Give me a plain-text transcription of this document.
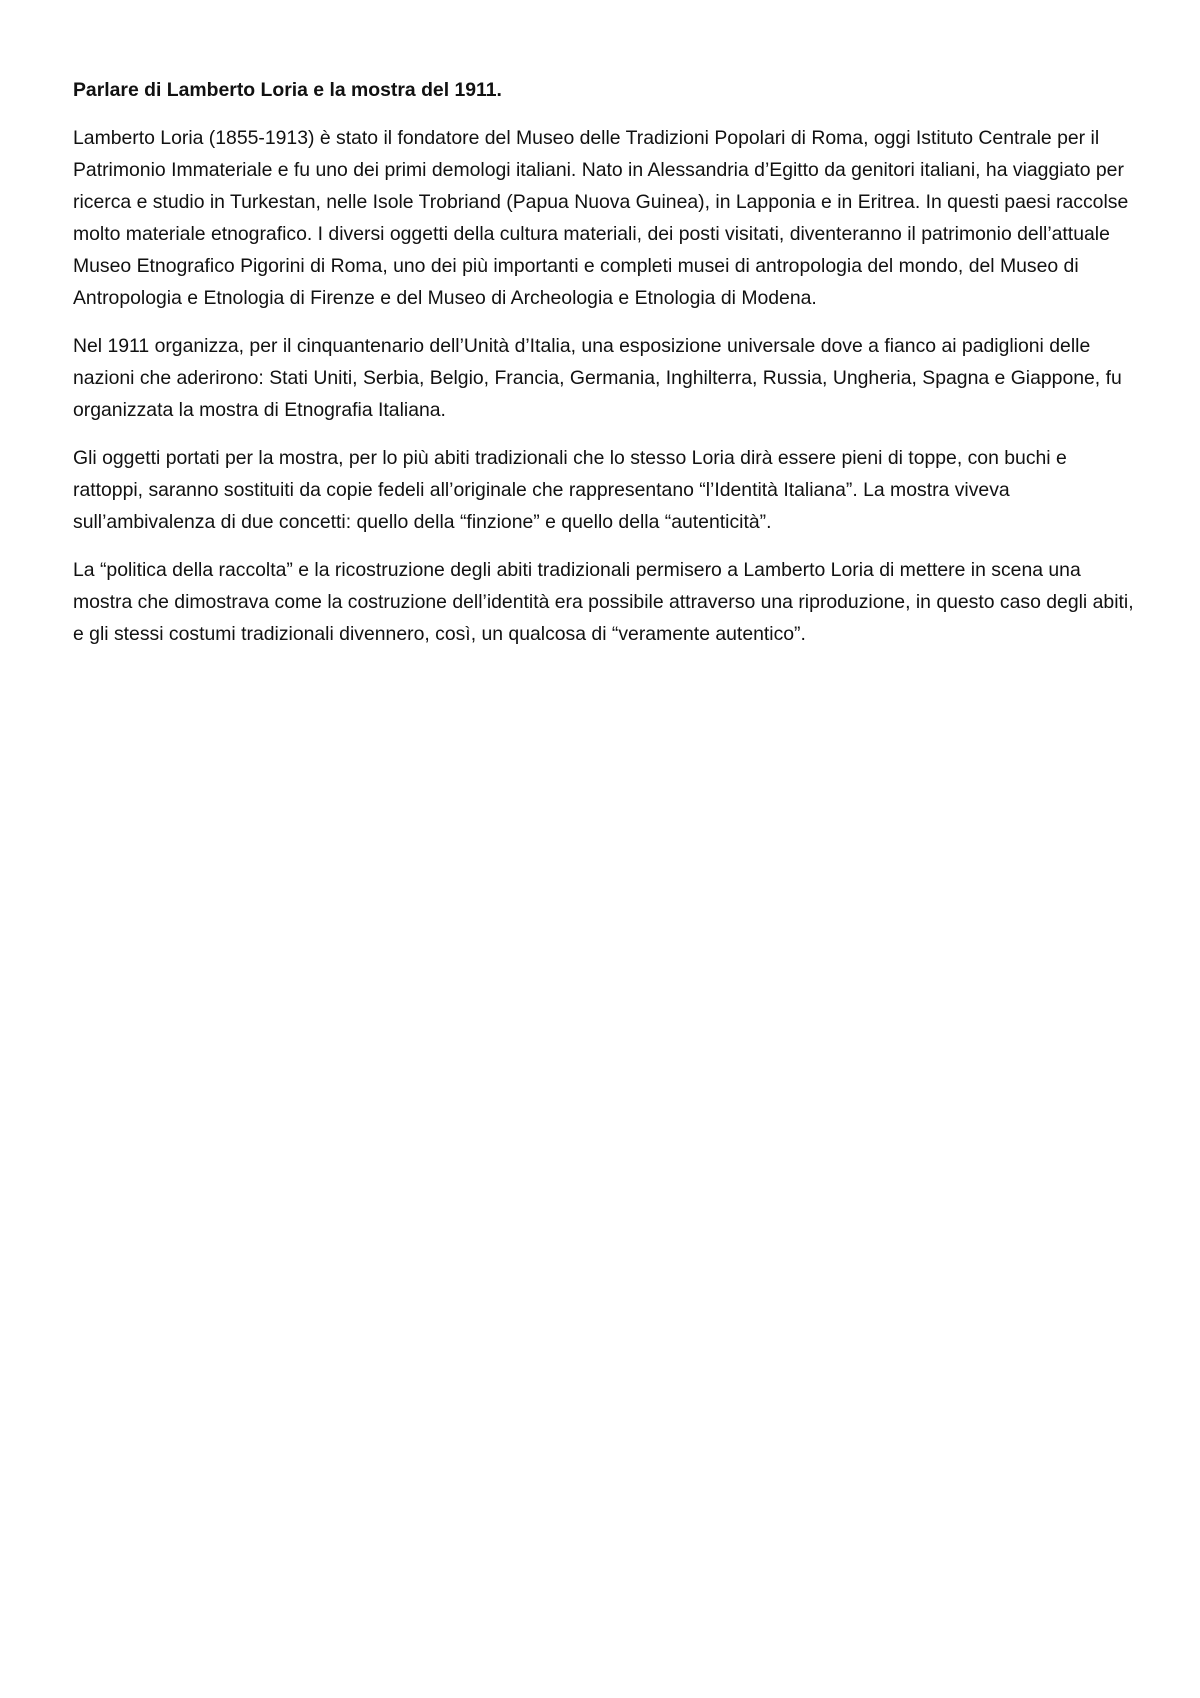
Parlare di Lamberto Loria e la mostra del 1911.

Lamberto Loria (1855-1913) è stato il fondatore del Museo delle Tradizioni Popolari di Roma, oggi Istituto Centrale per il Patrimonio Immateriale e fu uno dei primi demologi italiani. Nato in Alessandria d’Egitto da genitori italiani, ha viaggiato per ricerca e studio in Turkestan, nelle Isole Trobriand (Papua Nuova Guinea), in Lapponia e in Eritrea. In questi paesi raccolse molto materiale etnografico. I diversi oggetti della cultura materiali, dei posti visitati, diventeranno il patrimonio dell’attuale Museo Etnografico Pigorini di Roma, uno dei più importanti e completi musei di antropologia del mondo, del Museo di Antropologia e Etnologia di Firenze e del Museo di Archeologia e Etnologia di Modena.

Nel 1911 organizza, per il cinquantenario dell’Unità d’Italia, una esposizione universale dove a fianco ai padiglioni delle nazioni che aderirono: Stati Uniti, Serbia, Belgio, Francia, Germania, Inghilterra, Russia, Ungheria, Spagna e Giappone, fu organizzata la mostra di Etnografia Italiana.

Gli oggetti portati per la mostra, per lo più abiti tradizionali che lo stesso Loria dirà essere pieni di toppe, con buchi e rattoppi, saranno sostituiti da copie fedeli all’originale che rappresentano “l’Identità Italiana”. La mostra viveva sull’ambivalenza di due concetti: quello della “finzione” e quello della “autenticità”.

La “politica della raccolta” e la ricostruzione degli abiti tradizionali permisero a Lamberto Loria di mettere in scena una mostra che dimostrava come la costruzione dell’identità era possibile attraverso una riproduzione, in questo caso degli abiti, e gli stessi costumi tradizionali divennero, così, un qualcosa di “veramente autentico”.
